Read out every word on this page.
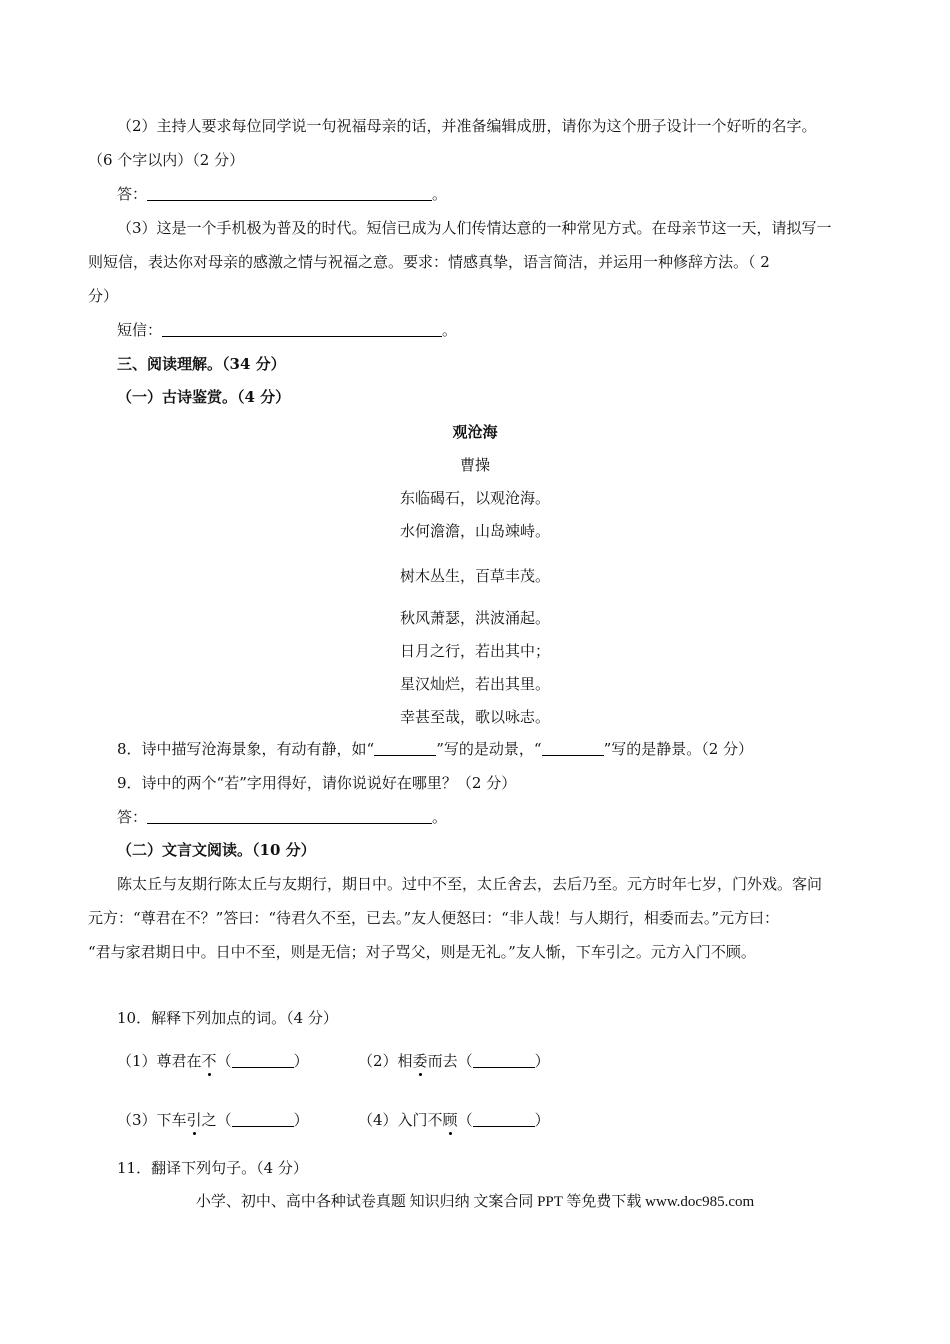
（2）主持人要求每位同学说一句祝福母亲的话，并准备编辑成册，请你为这个册子设计一个好听的名字。
（6 个字以内）（2 分）
答：	。
（3）这是一个手机极为普及的时代。短信已成为人们传情达意的一种常见方式。在母亲节这一天，请拟写一
则短信，表达你对母亲的感激之情与祝福之意。要求：情感真挚，语言简洁，并运用一种修辞方法。（ 2
分）
短信：	。
三、阅读理解。（34 分）
（一）古诗鉴赏。（4 分）
观沧海
曹操
东临碣石，以观沧海。
水何澹澹，山岛竦峙。
树木丛生，百草丰茂。
秋风萧瑟，洪波涌起。
日月之行，若出其中；
星汉灿烂，若出其里。
幸甚至哉，歌以咏志。
8．诗中描写沧海景象，有动有静，如“	”写的是动景，“	”写的是静景。（2 分）
9．诗中的两个“若”字用得好，请你说说好在哪里？（2 分）
答：	。
（二）文言文阅读。（10 分）
陈太丘与友期行陈太丘与友期行，期日中。过中不至，太丘舍去，去后乃至。元方时年七岁，门外戏。客问
元方：“尊君在不？”答曰：“待君久不至，已去。”友人便怒曰：“非人哉！与人期行，相委而去。”元方曰：
“君与家君期日中。日中不至，则是无信；对子骂父，则是无礼。”友人惭，下车引之。元方入门不顾。
10．解释下列加点的词。（4 分）
（1）尊君在不（	）	（2）相委而去（	）
（3）下车引之（	）	（4）入门不顾（	）
11．翻译下列句子。（4 分）
小学、初中、高中各种试卷真题 知识归纳 文案合同 PPT 等免费下载 www.doc985.com
